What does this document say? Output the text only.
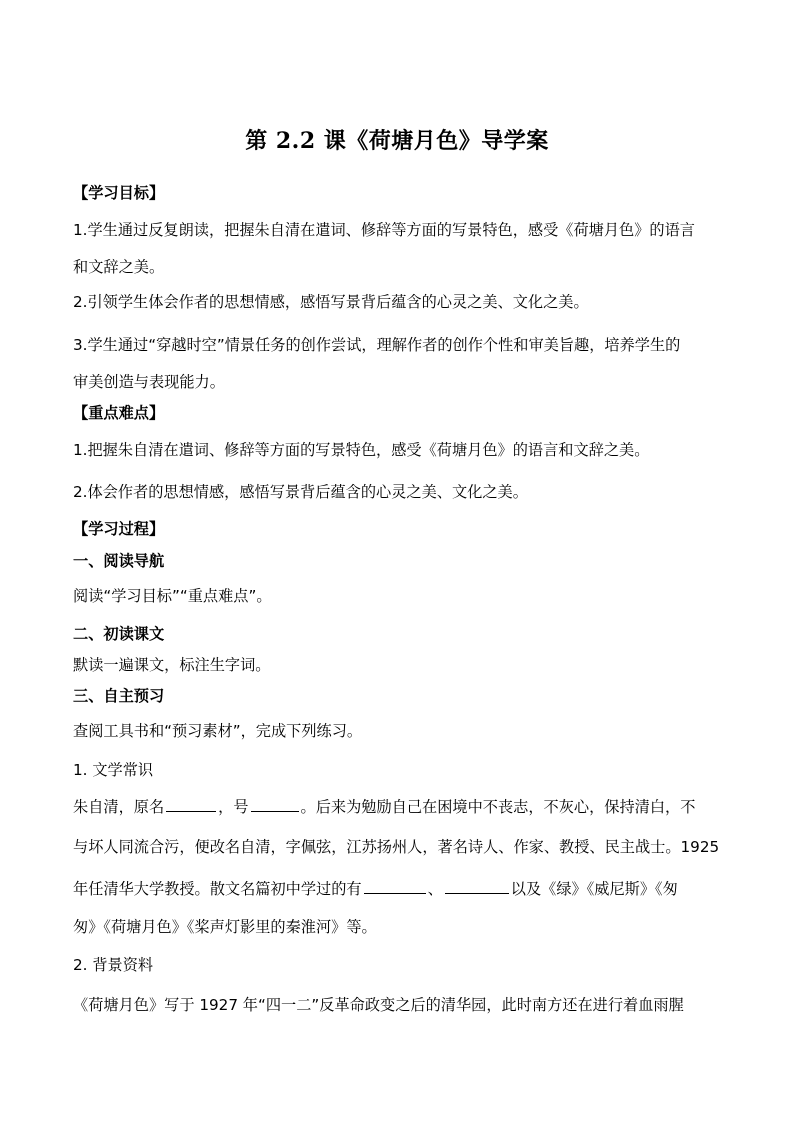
第 2.2 课《荷塘月色》导学案
【学习目标】
1.学生通过反复朗读，把握朱自清在遣词、修辞等方面的写景特色，感受《荷塘月色》的语言
和文辞之美。
2.引领学生体会作者的思想情感，感悟写景背后蕴含的心灵之美、文化之美。
3.学生通过“穿越时空”情景任务的创作尝试，理解作者的创作个性和审美旨趣，培养学生的
审美创造与表现能力。
【重点难点】
1.把握朱自清在遣词、修辞等方面的写景特色，感受《荷塘月色》的语言和文辞之美。
2.体会作者的思想情感，感悟写景背后蕴含的心灵之美、文化之美。
【学习过程】
一、阅读导航
阅读“学习目标”“重点难点”。
二、初读课文
默读一遍课文，标注生字词。
三、自主预习
查阅工具书和“预习素材”，完成下列练习。
1. 文学常识
朱自清，原名	，号	。后来为勉励自己在困境中不丧志，不灰心，保持清白，不
与坏人同流合污，便改名自清，字佩弦，江苏扬州人，著名诗人、作家、教授、民主战士。1925
年任清华大学教授。散文名篇初中学过的有	、	以及《绿》《威尼斯》《匆
匆》《荷塘月色》《桨声灯影里的秦淮河》等。
2. 背景资料
《荷塘月色》写于 1927 年“四一二”反革命政变之后的清华园，此时南方还在进行着血雨腥
